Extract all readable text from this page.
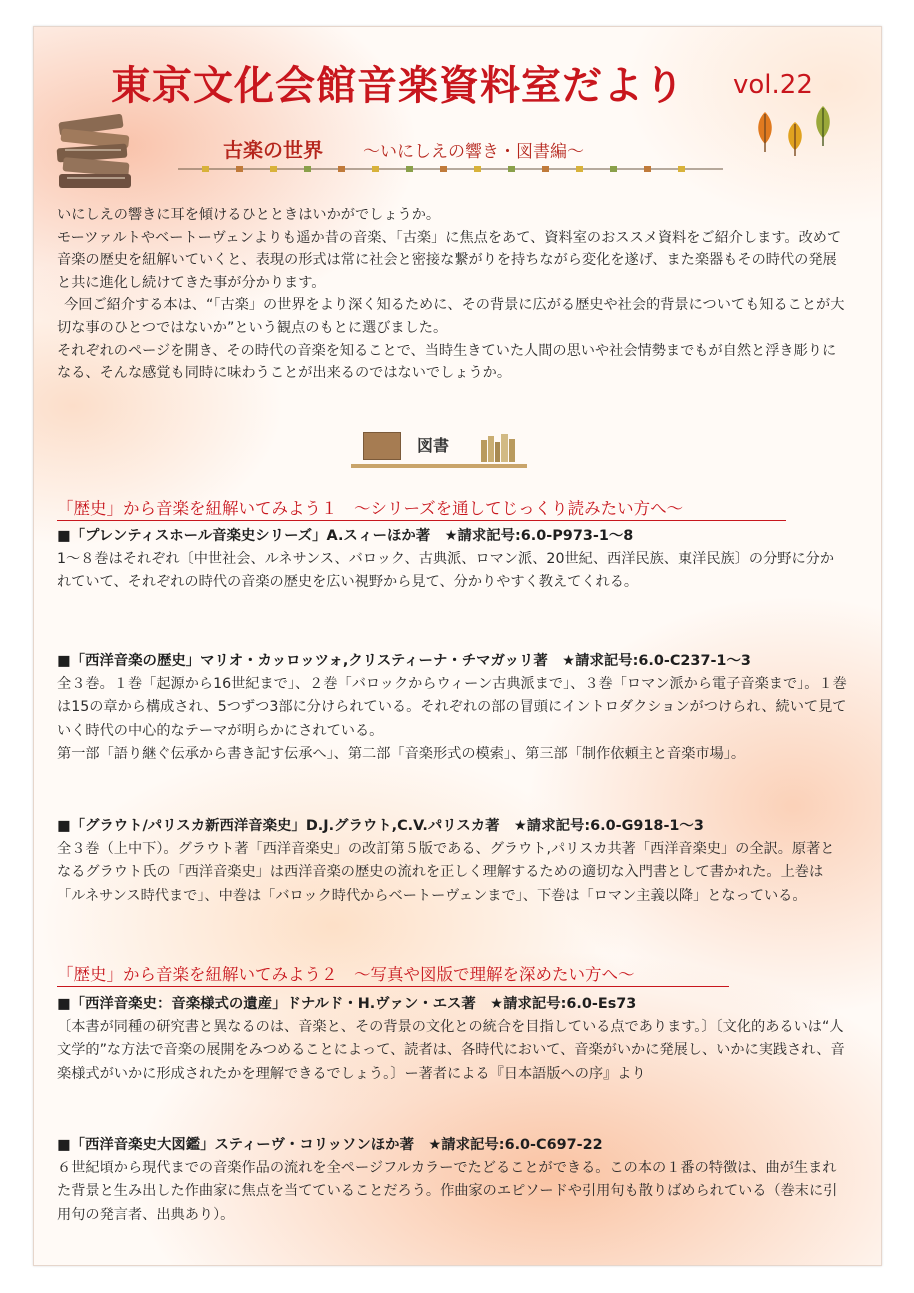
東京文化会館音楽資料室だより vol.22
古楽の世界 ～いにしえの響き・図書編～

いにしえの響きに耳を傾けるひとときはいかがでしょうか。

モーツァルトやベートーヴェンよりも遥か昔の音楽、「古楽」に焦点をあて、資料室のおススメ資料をご紹介します。改めて音楽の歴史を紐解いていくと、表現の形式は常に社会と密接な繋がりを持ちながら変化を遂げ、また楽器もその時代の発展と共に進化し続けてきた事が分かります。

今回ご紹介する本は、“「古楽」の世界をより深く知るために、その背景に広がる歴史や社会的背景についても知ることが大切な事のひとつではないか”という観点のもとに選びました。

それぞれのページを開き、その時代の音楽を知ることで、当時生きていた人間の思いや社会情勢までもが自然と浮き彫りになる、そんな感覚も同時に味わうことが出来るのではないでしょうか。

図書
「歴史」から音楽を紐解いてみよう１　～シリーズを通してじっくり読みたい方へ～
■「プレンティスホール音楽史シリーズ」A.スィーほか著　★請求記号:6.0-P973-1～8

1～８巻はそれぞれ〔中世社会、ルネサンス、バロック、古典派、ロマン派、20世紀、西洋民族、東洋民族〕の分野に分かれていて、それぞれの時代の音楽の歴史を広い視野から見て、分かりやすく教えてくれる。

■「西洋音楽の歴史」マリオ・カッロッツォ,クリスティーナ・チマガッリ著　★請求記号:6.0-C237-1～3

全３巻。１巻「起源から16世紀まで」、２巻「バロックからウィーン古典派まで」、３巻「ロマン派から電子音楽まで」。１巻は15の章から構成され、5つずつ3部に分けられている。それぞれの部の冒頭にイントロダクションがつけられ、続いて見ていく時代の中心的なテーマが明らかにされている。

第一部「語り継ぐ伝承から書き記す伝承へ」、第二部「音楽形式の模索」、第三部「制作依頼主と音楽市場」。

■「グラウト/パリスカ新西洋音楽史」D.J.グラウト,C.V.パリスカ著　★請求記号:6.0-G918-1～3

全３巻（上中下）。グラウト著「西洋音楽史」の改訂第５版である、グラウト,パリスカ共著「西洋音楽史」の全訳。原著となるグラウト氏の「西洋音楽史」は西洋音楽の歴史の流れを正しく理解するための適切な入門書として書かれた。上巻は「ルネサンス時代まで」、中巻は「バロック時代からベートーヴェンまで」、下巻は「ロマン主義以降」となっている。

「歴史」から音楽を紐解いてみよう２　～写真や図版で理解を深めたい方へ～
■「西洋音楽史：音楽様式の遺産」ドナルド・H.ヴァン・エス著　★請求記号:6.0-Es73

〔本書が同種の研究書と異なるのは、音楽と、その背景の文化との統合を目指している点であります。〕〔文化的あるいは“人文学的”な方法で音楽の展開をみつめることによって、読者は、各時代において、音楽がいかに発展し、いかに実践され、音楽様式がいかに形成されたかを理解できるでしょう。〕ー著者による『日本語版への序』より

■「西洋音楽史大図鑑」スティーヴ・コリッソンほか著　★請求記号:6.0-C697-22

６世紀頃から現代までの音楽作品の流れを全ページフルカラーでたどることができる。この本の１番の特徴は、曲が生まれた背景と生み出した作曲家に焦点を当てていることだろう。作曲家のエピソードや引用句も散りばめられている（巻末に引用句の発言者、出典あり）。
